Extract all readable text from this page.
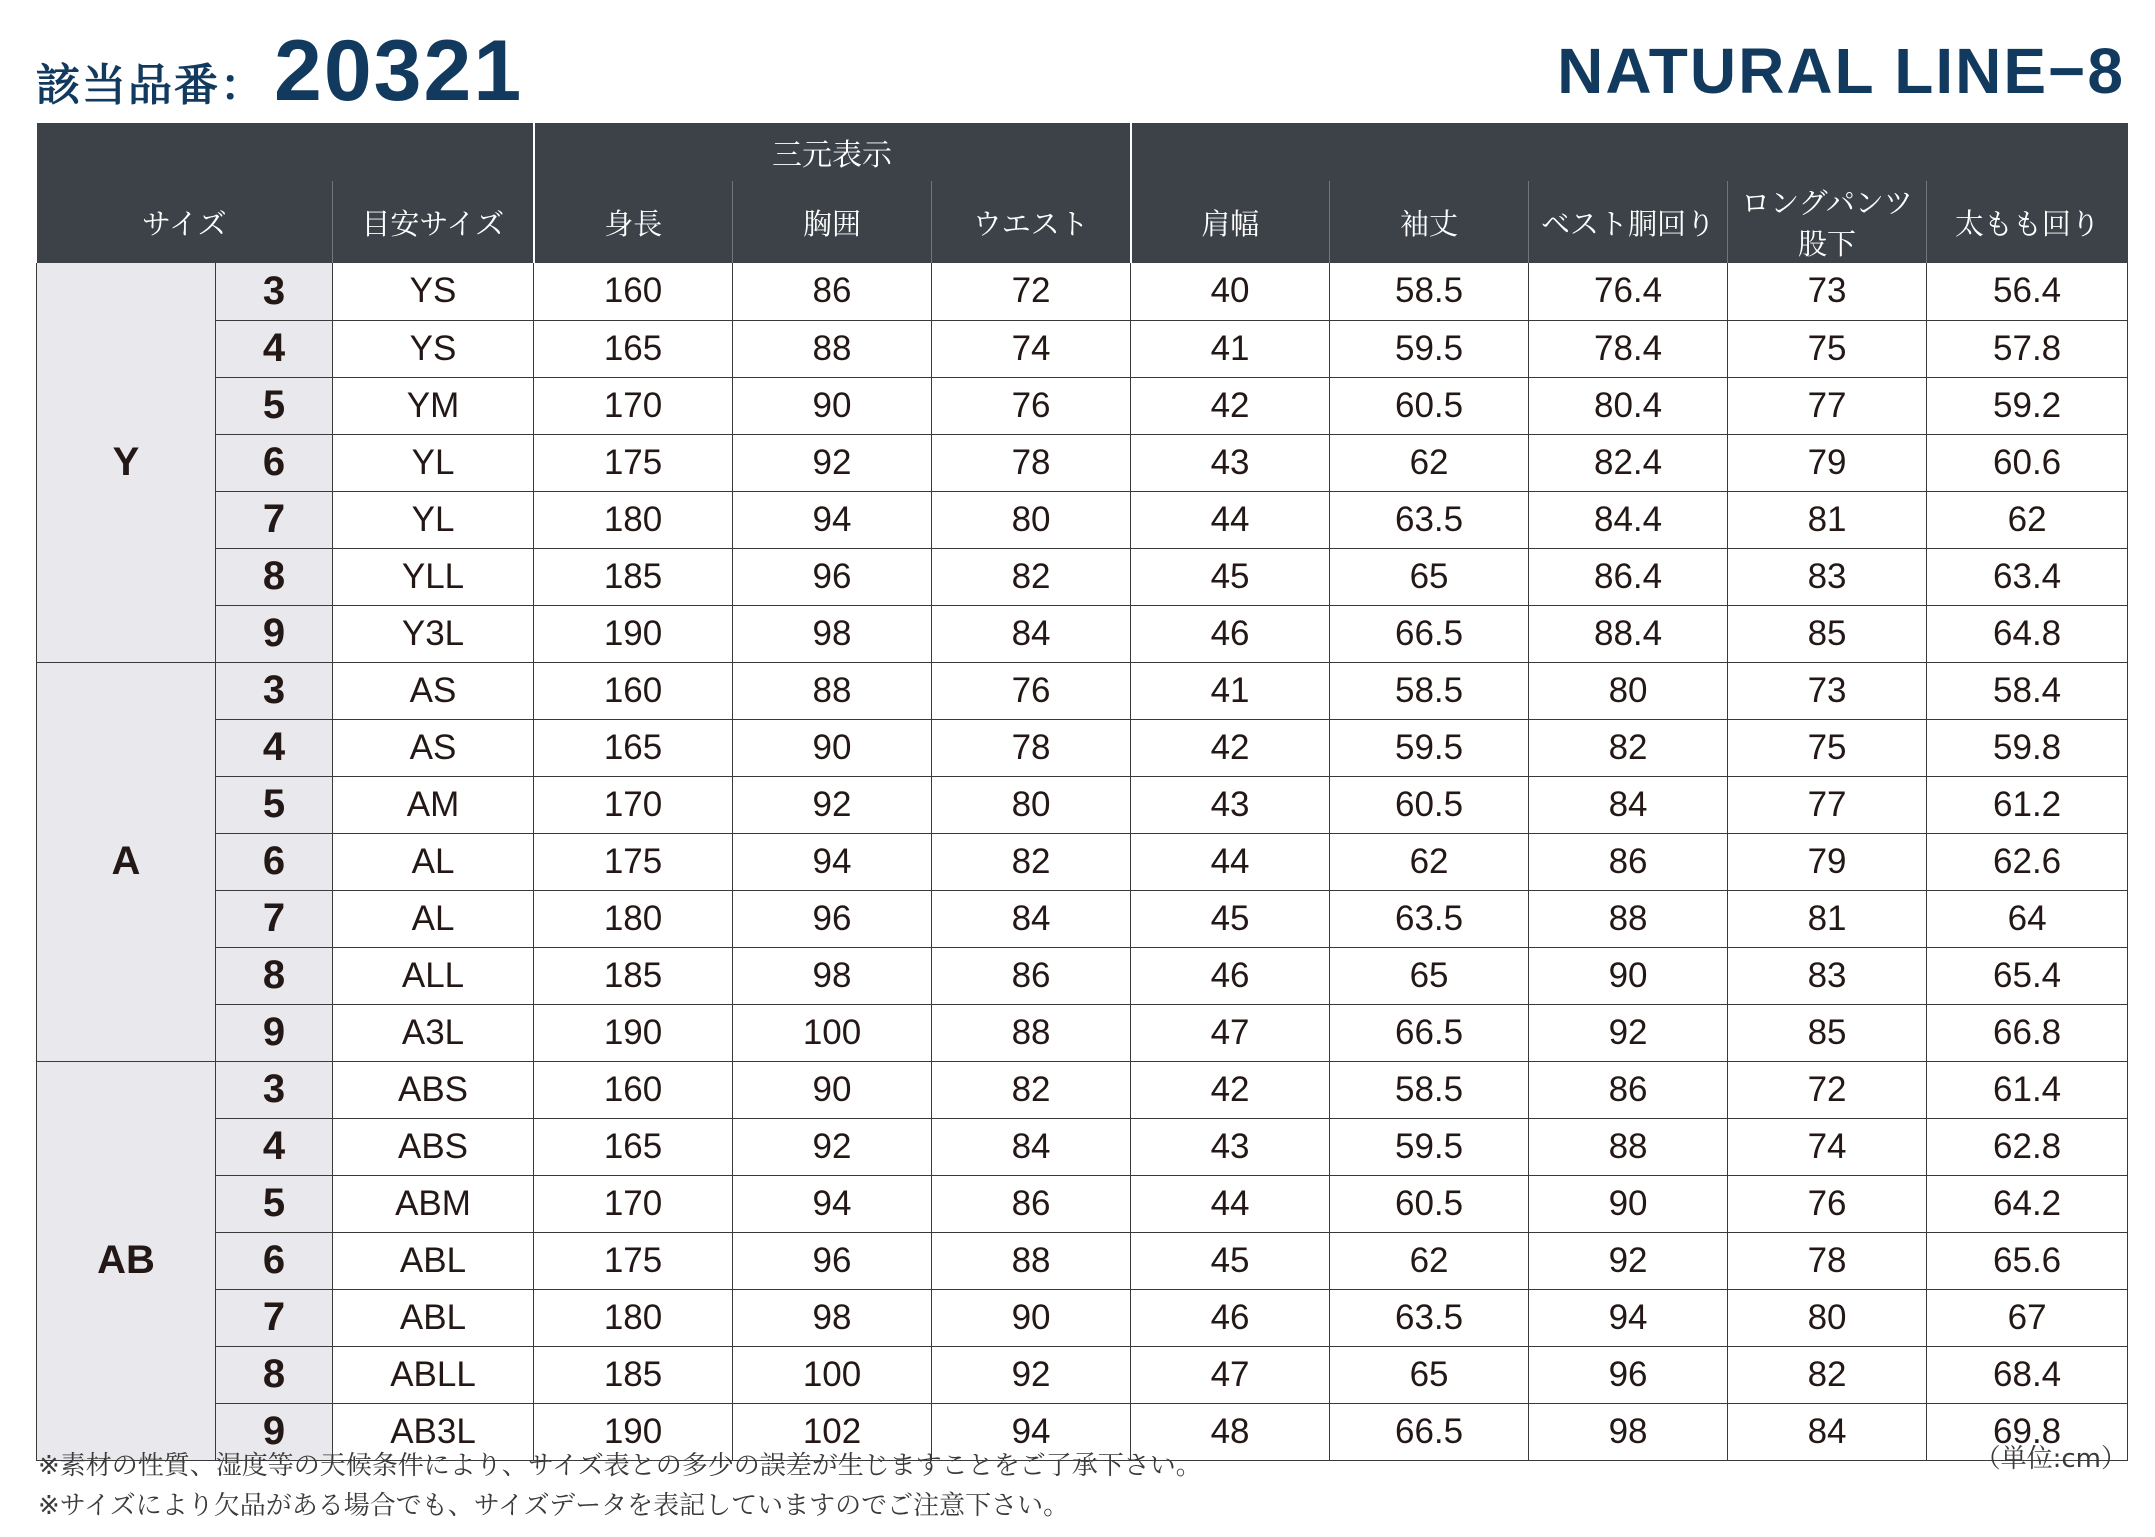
該当品番： 20321	NATURAL LINE−8
			三元表示							
サイズ		目安サイズ	身長	胸囲	ウエスト	肩幅	袖丈	ベスト胴回り	ロングパンツ股下	太もも回り
Y	3	YS	160	86	72	40	58.5	76.4	73	56.4
	4	YS	165	88	74	41	59.5	78.4	75	57.8
	5	YM	170	90	76	42	60.5	80.4	77	59.2
	6	YL	175	92	78	43	62	82.4	79	60.6
	7	YL	180	94	80	44	63.5	84.4	81	62
	8	YLL	185	96	82	45	65	86.4	83	63.4
	9	Y3L	190	98	84	46	66.5	88.4	85	64.8
A	3	AS	160	88	76	41	58.5	80	73	58.4
	4	AS	165	90	78	42	59.5	82	75	59.8
	5	AM	170	92	80	43	60.5	84	77	61.2
	6	AL	175	94	82	44	62	86	79	62.6
	7	AL	180	96	84	45	63.5	88	81	64
	8	ALL	185	98	86	46	65	90	83	65.4
	9	A3L	190	100	88	47	66.5	92	85	66.8
AB	3	ABS	160	90	82	42	58.5	86	72	61.4
	4	ABS	165	92	84	43	59.5	88	74	62.8
	5	ABM	170	94	86	44	60.5	90	76	64.2
	6	ABL	175	96	88	45	62	92	78	65.6
	7	ABL	180	98	90	46	63.5	94	80	67
	8	ABLL	185	100	92	47	65	96	82	68.4
	9	AB3L	190	102	94	48	66.5	98	84	69.8
（単位:cm）
※素材の性質、湿度等の天候条件により、サイズ表との多少の誤差が生じますことをご了承下さい。
※サイズにより欠品がある場合でも、サイズデータを表記していますのでご注意下さい。
